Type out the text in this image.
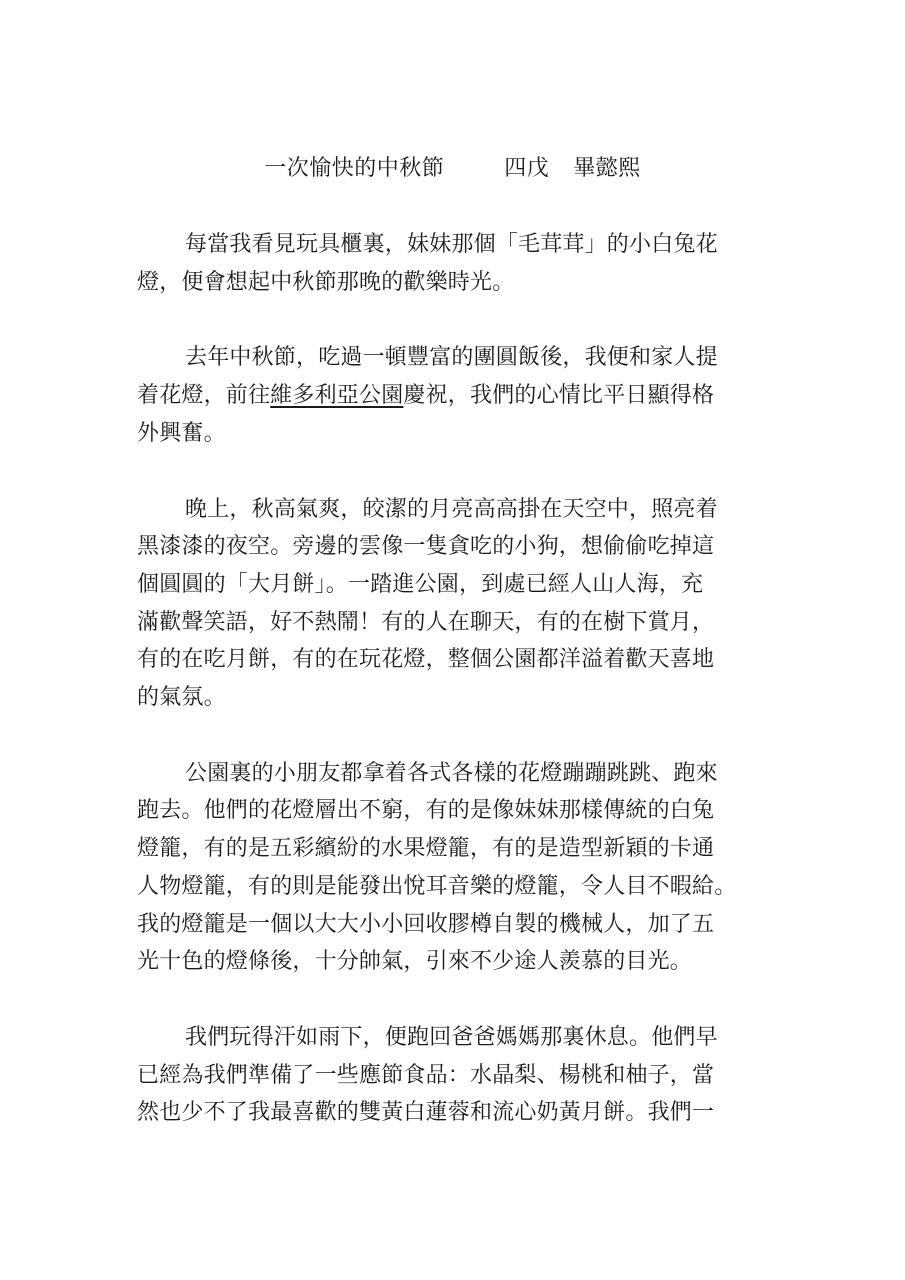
一次愉快的中秋節	四戊 畢懿熙

每當我看見玩具櫃裏，妹妹那個「毛茸茸」的小白兔花
燈，便會想起中秋節那晚的歡樂時光。

去年中秋節，吃過一頓豐富的團圓飯後，我便和家人提
着花燈，前往維多利亞公園慶祝，我們的心情比平日顯得格
外興奮。

晚上，秋高氣爽，皎潔的月亮高高掛在天空中，照亮着
黑漆漆的夜空。旁邊的雲像一隻貪吃的小狗，想偷偷吃掉這
個圓圓的「大月餅」。一踏進公園，到處已經人山人海，充
滿歡聲笑語，好不熱鬧！有的人在聊天，有的在樹下賞月，
有的在吃月餅，有的在玩花燈，整個公園都洋溢着歡天喜地
的氣氛。

公園裏的小朋友都拿着各式各樣的花燈蹦蹦跳跳、跑來
跑去。他們的花燈層出不窮，有的是像妹妹那樣傳統的白兔
燈籠，有的是五彩繽紛的水果燈籠，有的是造型新穎的卡通
人物燈籠，有的則是能發出悅耳音樂的燈籠，令人目不暇給。
我的燈籠是一個以大大小小回收膠樽自製的機械人，加了五
光十色的燈條後，十分帥氣，引來不少途人羨慕的目光。

我們玩得汗如雨下，便跑回爸爸媽媽那裏休息。他們早
已經為我們準備了一些應節食品：水晶梨、楊桃和柚子，當
然也少不了我最喜歡的雙黃白蓮蓉和流心奶黃月餅。我們一
